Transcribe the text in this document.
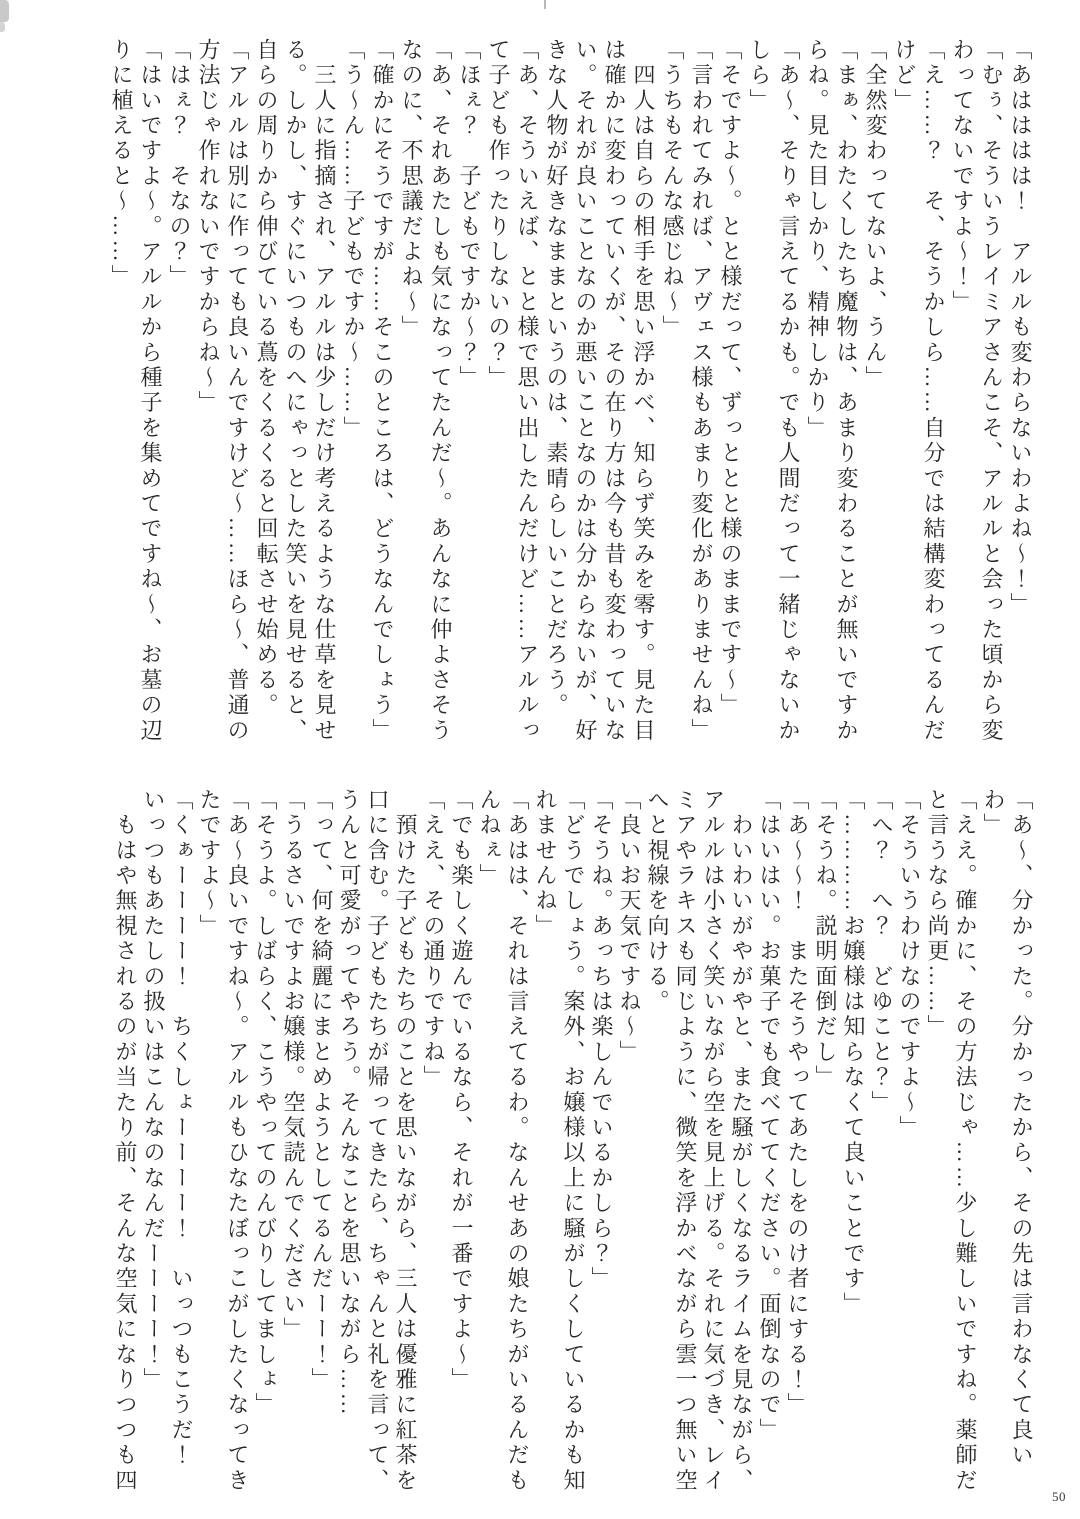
「あはははは！　アルルも変わらないわよね～！」

「むぅ、そういうレイミアさんこそ、アルルと会った頃から変わってないですよ～！」

「え……？　そ、そうかしら……自分では結構変わってるんだけど」

「全然変わってないよ、うん」

「まぁ、わたくしたち魔物は、あまり変わることが無いですからね。見た目しかり、精神しかり」

「あ～、そりゃ言えてるかも。でも人間だって一緒じゃないかしら」

「そですよ～。とと様だって、ずっととと様のままです～」

「言われてみれば、アヴェス様もあまり変化がありませんね」

「うちもそんな感じね～」

　四人は自らの相手を思い浮かべ、知らず笑みを零す。見た目は確かに変わっていくが、その在り方は今も昔も変わっていない。それが良いことなのか悪いことなのかは分からないが、好きな人物が好きなままというのは、素晴らしいことだろう。

「あ、そういえば、とと様で思い出したんだけど……アルルって子ども作ったりしないの？」

「ほぇ？　子どもですか～？」

「あ、それあたしも気になってたんだ～。あんなに仲よさそうなのに、不思議だよね～」

「確かにそうですが……そこのところは、どうなんでしょう」

「う～ん……子どもですか～……」

　三人に指摘され、アルルは少しだけ考えるような仕草を見せる。しかし、すぐにいつものへにゃっとした笑いを見せると、自らの周りから伸びている蔦をくるくると回転させ始める。

「アルルは別に作っても良いんですけど～……ほら～、普通の方法じゃ作れないですからね～」

「はぇ？　そなの？」

「はいですよ～。アルルから種子を集めてですね～、お墓の辺りに植えると～……」

「あ～、分かった。分かったから、その先は言わなくて良いわ」

「ええ。確かに、その方法じゃ……少し難しいですね。薬師だと言うなら尚更……」

「そういうわけなのですよ～」

「へ？　へ？　どゆこと？」

「…………お嬢様は知らなくて良いことです」

「そうね。説明面倒だし」

「あ～～！　またそうやってあたしをのけ者にする！」

「はいはい。お菓子でも食べててください。面倒なので」

　わいわいがやがやと、また騒がしくなるライムを見ながら、アルルは小さく笑いながら空を見上げる。それに気づき、レイミアやラキスも同じように、微笑を浮かべながら雲一つ無い空へと視線を向ける。

「良いお天気ですね～」

「そうね。あっちは楽しんでいるかしら？」

「どうでしょう。案外、お嬢様以上に騒がしくしているかも知れませんね」

「あはは、それは言えてるわ。なんせあの娘たちがいるんだもんねぇ」

「でも楽しく遊んでいるなら、それが一番ですよ～」

「ええ、その通りですね」

　預けた子どもたちのことを思いながら、三人は優雅に紅茶を口に含む。子どもたちが帰ってきたら、ちゃんと礼を言って、うんと可愛がってやろう。そんなことを思いながら……

「って、何を綺麗にまとめようとしてるんだーー！」

「うるさいですよお嬢様。空気読んでください」

「そうよ。しばらく、こうやってのんびりしてましょ」

「あ～良いですね～。アルルもひなたぼっこがしたくなってきたですよ～」

「くぁーーーー！　ちくしょーーーー！　いっつもこうだ！　いっつもあたしの扱いはこんなのなんだーーーー！」

　もはや無視されるのが当たり前、そんな空気になりつつも四

50
